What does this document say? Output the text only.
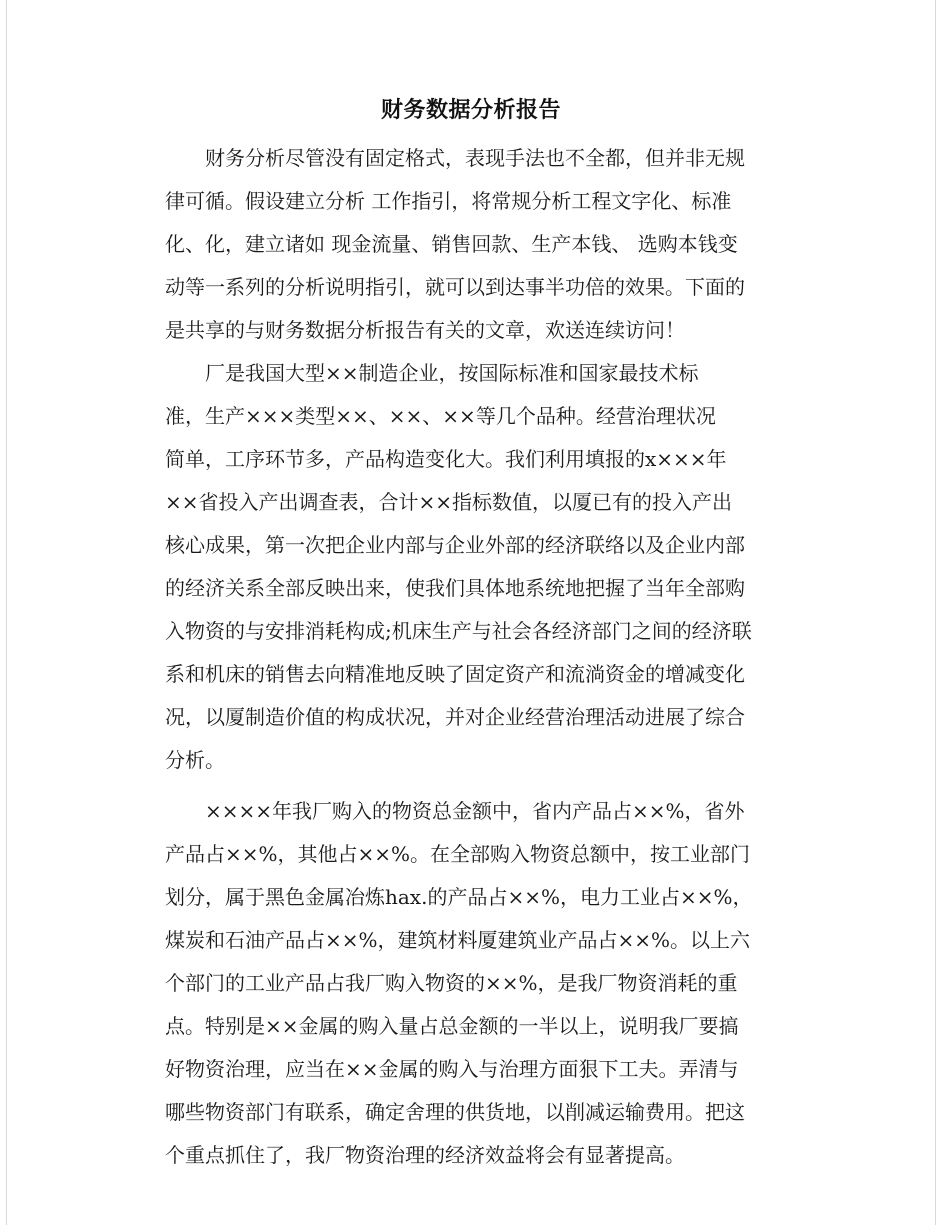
财务数据分析报告
　　财务分析尽管没有固定格式，表现手法也不全都，但并非无规
律可循。假设建立分析 工作指引，将常规分析工程文字化、标准
化、化，建立诸如 现金流量、销售回款、生产本钱、 选购本钱变
动等一系列的分析说明指引，就可以到达事半功倍的效果。下面的
是共享的与财务数据分析报告有关的文章，欢送连续访问！
　　厂是我国大型××制造企业，按国际标准和国家最技术标
准，生产×××类型××、××、××等几个品种。经营治理状况
简单，工序环节多，产品构造变化大。我们利用填报的x×××年
××省投入产出调查表，合计××指标数值，以厦已有的投入产出
核心成果，第一次把企业内部与企业外部的经济联络以及企业内部
的经济关系全部反映出来，使我们具体地系统地把握了当年全部购
入物资的与安排消耗构成;机床生产与社会各经济部门之间的经济联
系和机床的销售去向精准地反映了固定资产和流淌资金的增减变化
况，以厦制造价值的构成状况，并对企业经营治理活动进展了综合
分析。
　　××××年我厂购入的物资总金额中，省内产品占××%，省外
产品占××%，其他占××%。在全部购入物资总额中，按工业部门
划分，属于黑色金属冶炼hax.的产品占××%，电力工业占××%，
煤炭和石油产品占××%，建筑材料厦建筑业产品占××%。以上六
个部门的工业产品占我厂购入物资的××%，是我厂物资消耗的重
点。特别是××金属的购入量占总金额的一半以上，说明我厂要搞
好物资治理，应当在××金属的购入与治理方面狠下工夫。弄清与
哪些物资部门有联系，确定舍理的供货地，以削减运输费用。把这
个重点抓住了，我厂物资治理的经济效益将会有显著提高。
